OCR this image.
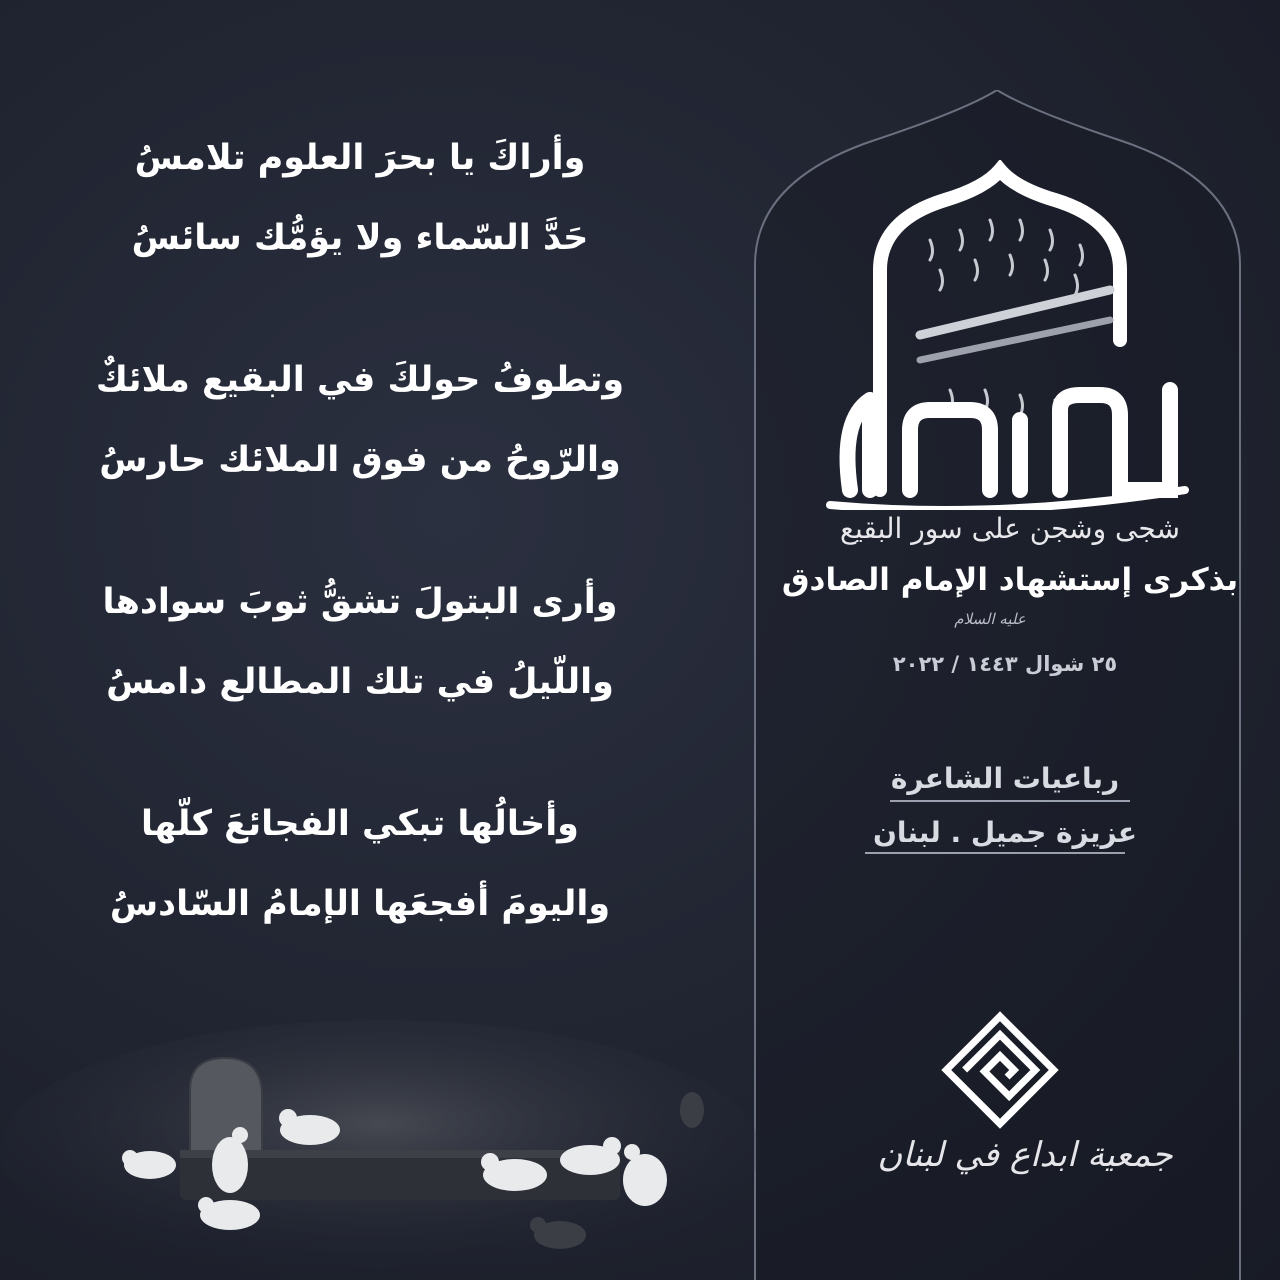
وأراكَ يا بحرَ العلوم تلامسُ
حَدَّ السّماء ولا يؤمُّك سائسُ
وتطوفُ حولكَ في البقيع ملائكٌ
والرّوحُ من فوق الملائك حارسُ
وأرى البتولَ تشقُّ ثوبَ سوادها
واللّيلُ في تلك المطالع دامسُ
وأخالُها تبكي الفجائعَ كلّها
واليومَ أفجعَها الإمامُ السّادسُ
شجى وشجن على سور البقيع
بذكرى إستشهاد الإمام الصادق
عليه السلام
٢٥ شوال ١٤٤٣ / ٢٠٢٢
رباعيات الشاعرة
عزيزة جميل . لبنان
جمعية ابداع في لبنان
